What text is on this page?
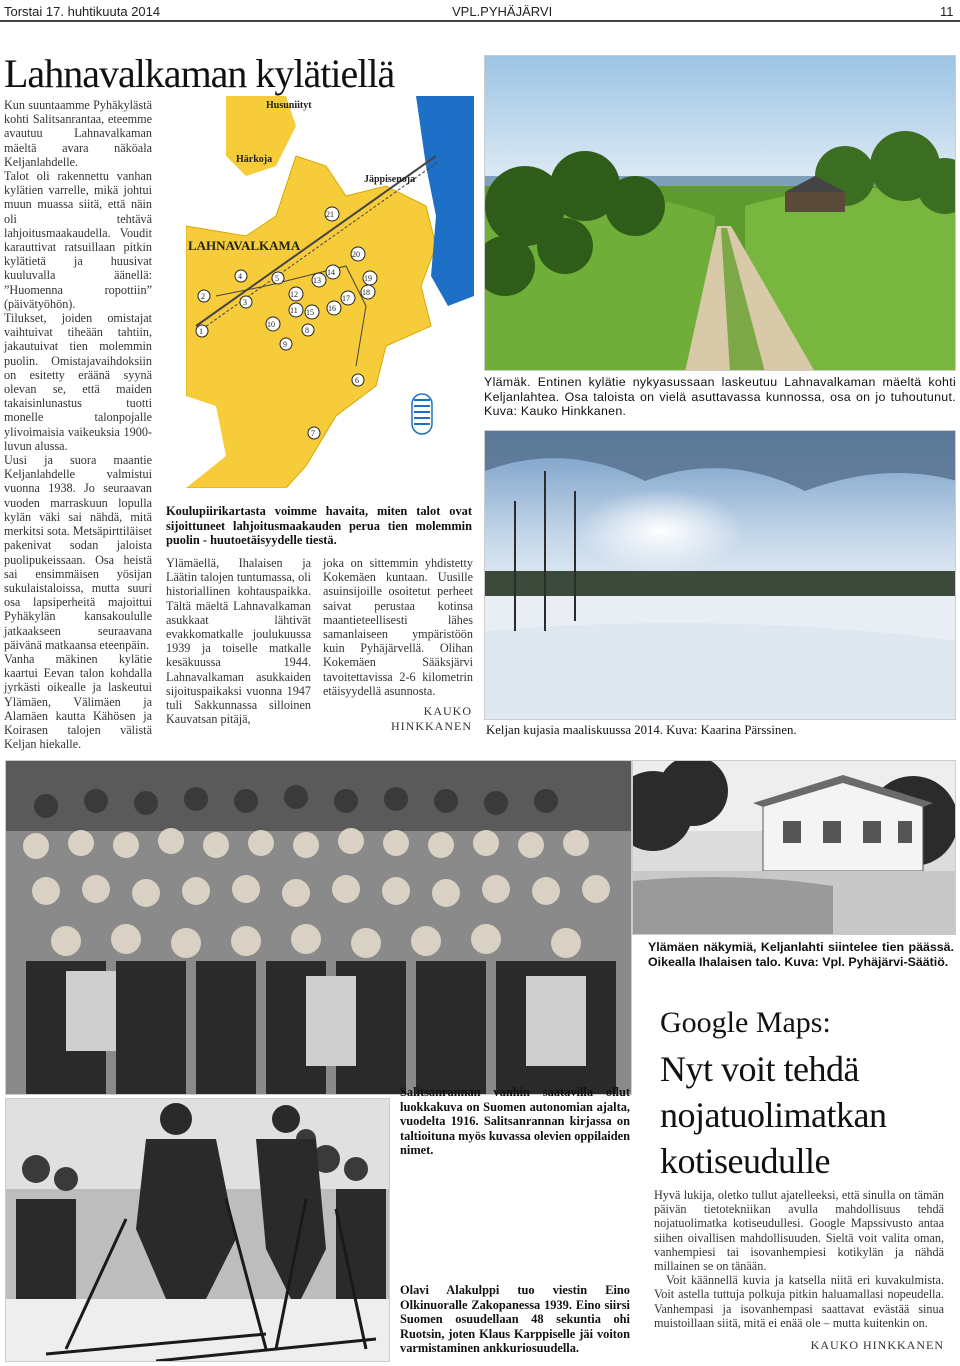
Torstai 17. huhtikuuta 2014	VPL.PYHÄJÄRVI	11
Lahnavalkaman kylätiellä

Kun suuntaamme Pyhäkylästä kohti Salitsanrantaa, eteemme avautuu Lahnavalkaman mäeltä avara näköala Keljanlahdelle.

Talot oli rakennettu vanhan kylätien varrelle, mikä johtui muun muassa siitä, että näin oli tehtävä lahjoitusmaakaudella. Voudit karauttivat ratsuillaan pitkin kylätietä ja huusivat kuuluvalla äänellä: ”Huomenna ropottiin” (päivätyöhön).

Tilukset, joiden omistajat vaihtuivat tiheään tahtiin, jakautuivat tien molemmin puolin. Omistajavaihdoksiin on esitetty eräänä syynä olevan se, että maiden takaisinlunastus tuotti monelle talonpojalle ylivoimaisia vaikeuksia 1900-luvun alussa.

Uusi ja suora maantie Keljanlahdelle valmistui vuonna 1938. Jo seuraavan vuoden marraskuun lopulla kylän väki sai nähdä, mitä merkitsi sota. Metsäpirttiläiset pakenivat sodan jaloista puolipukeissaan. Osa heistä sai ensimmäisen yösijan sukulaistaloissa, mutta suuri osa lapsiperheitä majoittui Pyhäkylän kansakoululle jatkaakseen seuraavana päivänä matkaansa eteenpäin.

Vanha mäkinen kylätie kaartui Eevan talon kohdalla jyrkästi oikealle ja laskeutui Ylämäen, Välimäen ja Alamäen kautta Kähösen ja Koirasen talojen välistä Keljan hiekalle.

Husuniityt
Härkoja
Jäppisenoja
LAHNAVALKAMA
1
2
3
4	5
6
7
8
9
10
11
12
13
14
15 16
17
18
19
20
21
Koulupiirikartasta voimme havaita, miten talot ovat sijoittuneet lahjoitusmaakauden perua tien molemmin puolin - huutoetäisyydelle tiestä.
Ylämäellä, Ihalaisen ja Läätin talojen tuntumassa, oli historiallinen kohtauspaikka. Tältä mäeltä Lahnavalkaman asukkaat lähtivät evakkomatkalle joulukuussa 1939 ja toiselle matkalle kesäkuussa 1944. Lahnavalkaman asukkaiden sijoituspaikaksi vuonna 1947 tuli Sakkunnassa silloinen Kauvatsan pitäjä,
joka on sittemmin yhdistetty Kokemäen kuntaan. Uusille asuinsijoille osoitetut perheet saivat perustaa kotinsa maantieteellisesti lähes samanlaiseen ympäristöön kuin Pyhäjärvellä. Olihan Kokemäen Sääksjärvi tavoitettavissa 2-6 kilometrin etäisyydellä asunnosta.
KAUKO
HINKKANEN
Ylämäk. Entinen kylätie nykyasussaan laskeutuu Lahnavalkaman mäeltä kohti Keljanlahtea. Osa taloista on vielä asuttavassa kunnossa, osa on jo tuhoutunut. Kuva: Kauko Hinkkanen.
Keljan kujasia maaliskuussa 2014. Kuva: Kaarina Pärssinen.
Ylämäen näkymiä, Keljanlahti siintelee tien päässä. Oikealla Ihalaisen talo. Kuva: Vpl. Pyhäjärvi-Säätiö.
Salitsanrannan vanhin saatavilla ollut luokkakuva on Suomen autonomian ajalta, vuodelta 1916. Salitsanrannan kirjassa on taltioituna myös kuvassa olevien oppilaiden nimet.
Olavi Alakulppi tuo viestin Eino Olkinuoralle Zakopanessa 1939. Eino siirsi Suomen osuudellaan 48 sekuntia ohi Ruotsin, joten Klaus Karppiselle jäi voiton varmistaminen ankkuriosuudella.
Google Maps:
Nyt voit tehdä
nojatuolimatkan
kotiseudulle

Hyvä lukija, oletko tullut ajatelleeksi, että sinulla on tämän päivän tietotekniikan avulla mahdollisuus tehdä nojatuolimatka kotiseudullesi. Google Mapssivusto antaa siihen oivallisen mahdollisuuden. Sieltä voit valita oman, vanhempiesi tai isovanhempiesi kotikylän ja nähdä millainen se on tänään.

Voit käännellä kuvia ja katsella niitä eri kuvakulmista. Voit astella tuttuja polkuja pitkin haluamallasi nopeudella. Vanhempasi ja isovanhempasi saattavat evästää sinua muistoillaan siitä, mitä ei enää ole – mutta kuitenkin on.

KAUKO HINKKANEN
